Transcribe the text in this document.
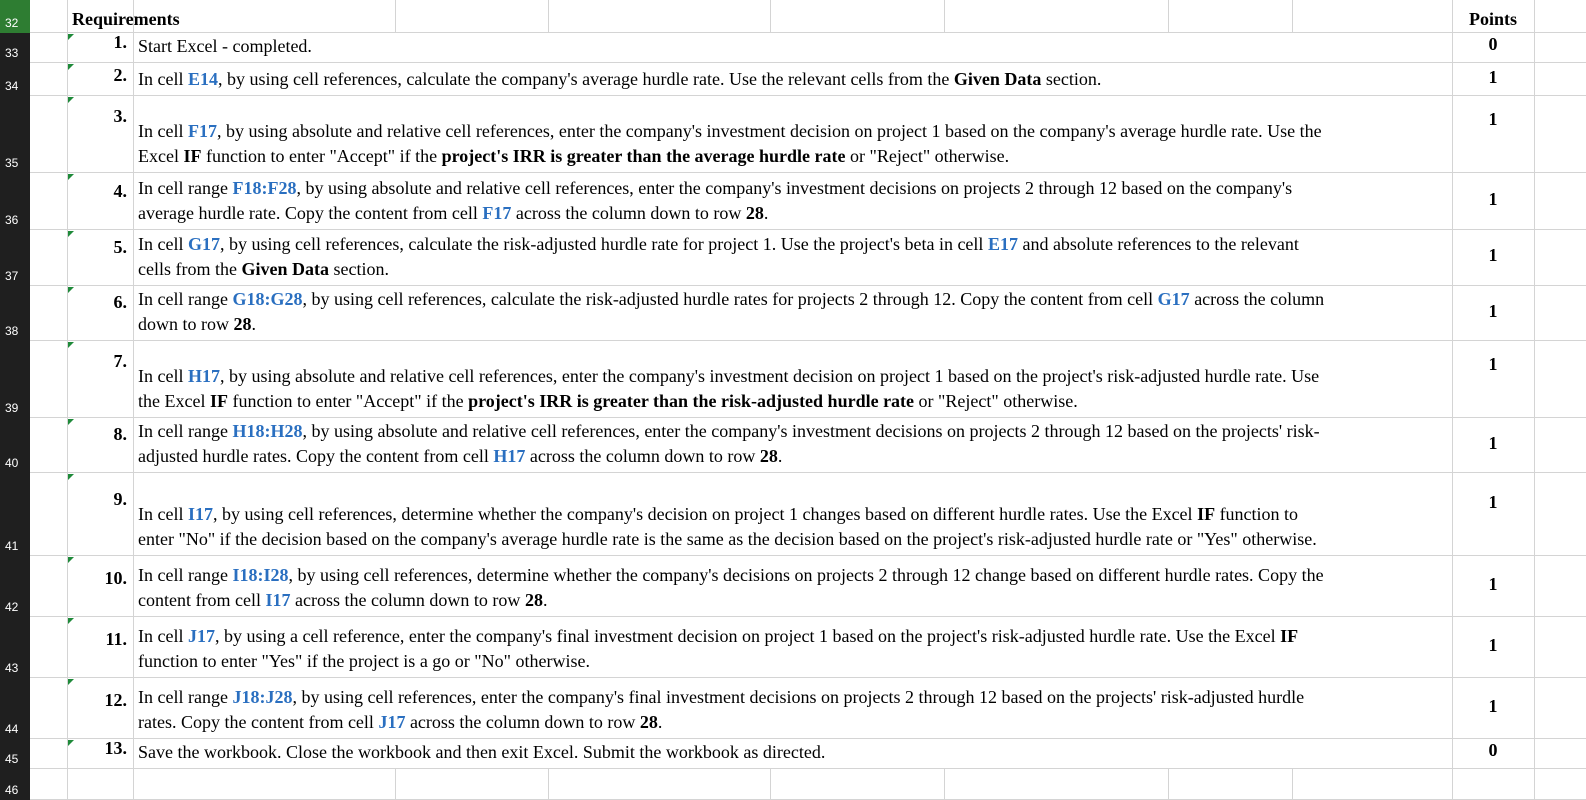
32
33
34
35
36
37
38
39
40
41
42
43
44
45
46
Requirements	Points
Start Excel - completed.
1.	0
In cell E14, by using cell references, calculate the company's average hurdle rate. Use the relevant cells from the Given Data section.
2.	1
In cell F17, by using absolute and relative cell references, enter the company's investment decision on project 1 based on the company's average hurdle rate. Use the
Excel IF function to enter "Accept" if the project's IRR is greater than the average hurdle rate or "Reject" otherwise.
3.	1
In cell range F18:F28, by using absolute and relative cell references, enter the company's investment decisions on projects 2 through 12 based on the company's
average hurdle rate. Copy the content from cell F17 across the column down to row 28.
4.	1
In cell G17, by using cell references, calculate the risk-adjusted hurdle rate for project 1. Use the project's beta in cell E17 and absolute references to the relevant
cells from the Given Data section.
5.	1
In cell range G18:G28, by using cell references, calculate the risk-adjusted hurdle rates for projects 2 through 12. Copy the content from cell G17 across the column
down to row 28.
6.	1
In cell H17, by using absolute and relative cell references, enter the company's investment decision on project 1 based on the project's risk-adjusted hurdle rate. Use
the Excel IF function to enter "Accept" if the project's IRR is greater than the risk-adjusted hurdle rate or "Reject" otherwise.
7.	1
In cell range H18:H28, by using absolute and relative cell references, enter the company's investment decisions on projects 2 through 12 based on the projects' risk-
adjusted hurdle rates. Copy the content from cell H17 across the column down to row 28.
8.	1
In cell I17, by using cell references, determine whether the company's decision on project 1 changes based on different hurdle rates. Use the Excel IF function to
enter "No" if the decision based on the company's average hurdle rate is the same as the decision based on the project's risk-adjusted hurdle rate or "Yes" otherwise.
9.	1
In cell range I18:I28, by using cell references, determine whether the company's decisions on projects 2 through 12 change based on different hurdle rates. Copy the
content from cell I17 across the column down to row 28.
10.	1
In cell J17, by using a cell reference, enter the company's final investment decision on project 1 based on the project's risk-adjusted hurdle rate. Use the Excel IF
function to enter "Yes" if the project is a go or "No" otherwise.
11.	1
In cell range J18:J28, by using cell references, enter the company's final investment decisions on projects 2 through 12 based on the projects' risk-adjusted hurdle
rates. Copy the content from cell J17 across the column down to row 28.
12.	1
Save the workbook. Close the workbook and then exit Excel. Submit the workbook as directed.
13.	0
